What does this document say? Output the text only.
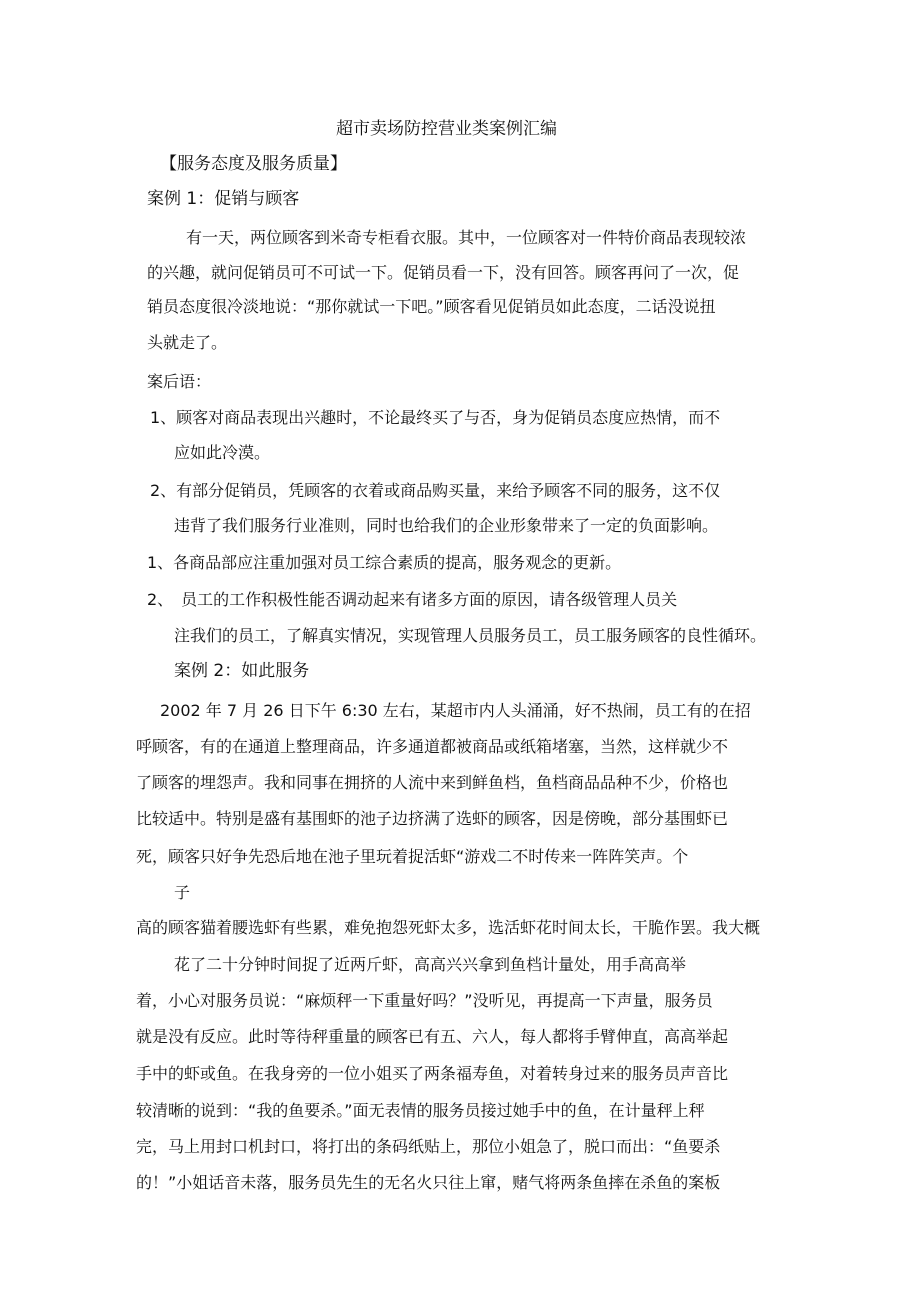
超市卖场防控营业类案例汇编
【服务态度及服务质量】
案例 1：促销与顾客
有一天，两位顾客到米奇专柜看衣服。其中，一位顾客对一件特价商品表现较浓
的兴趣，就问促销员可不可试一下。促销员看一下，没有回答。顾客再问了一次，促
销员态度很冷淡地说：“那你就试一下吧。”顾客看见促销员如此态度，二话没说扭
头就走了。
案后语：
1、顾客对商品表现出兴趣时，不论最终买了与否，身为促销员态度应热情，而不
应如此冷漠。
2、有部分促销员，凭顾客的衣着或商品购买量，来给予顾客不同的服务，这不仅
违背了我们服务行业准则，同时也给我们的企业形象带来了一定的负面影响。
1、各商品部应注重加强对员工综合素质的提高，服务观念的更新。
2、　员工的工作积极性能否调动起来有诸多方面的原因，请各级管理人员关
注我们的员工，了解真实情况，实现管理人员服务员工，员工服务顾客的良性循环。
案例 2：如此服务
2002 年 7 月 26 日下午 6:30 左右，某超市内人头涌涌，好不热闹，员工有的在招
呼顾客，有的在通道上整理商品，许多通道都被商品或纸箱堵塞，当然，这样就少不
了顾客的埋怨声。我和同事在拥挤的人流中来到鲜鱼档，鱼档商品品种不少，价格也
比较适中。特别是盛有基围虾的池子边挤满了选虾的顾客，因是傍晚，部分基围虾已
死，顾客只好争先恐后地在池子里玩着捉活虾“游戏二不时传来一阵阵笑声。个
子
高的顾客猫着腰选虾有些累，难免抱怨死虾太多，选活虾花时间太长，干脆作罢。我大概
花了二十分钟时间捉了近两斤虾，高高兴兴拿到鱼档计量处，用手高高举
着，小心对服务员说：“麻烦秤一下重量好吗？”没听见，再提高一下声量，服务员
就是没有反应。此时等待秤重量的顾客已有五、六人，每人都将手臂伸直，高高举起
手中的虾或鱼。在我身旁的一位小姐买了两条福寿鱼，对着转身过来的服务员声音比
较清晰的说到：“我的鱼要杀。”面无表情的服务员接过她手中的鱼，在计量秤上秤
完，马上用封口机封口，将打出的条码纸贴上，那位小姐急了，脱口而出：“鱼要杀
的！”小姐话音未落，服务员先生的无名火只往上窜，赌气将两条鱼摔在杀鱼的案板
